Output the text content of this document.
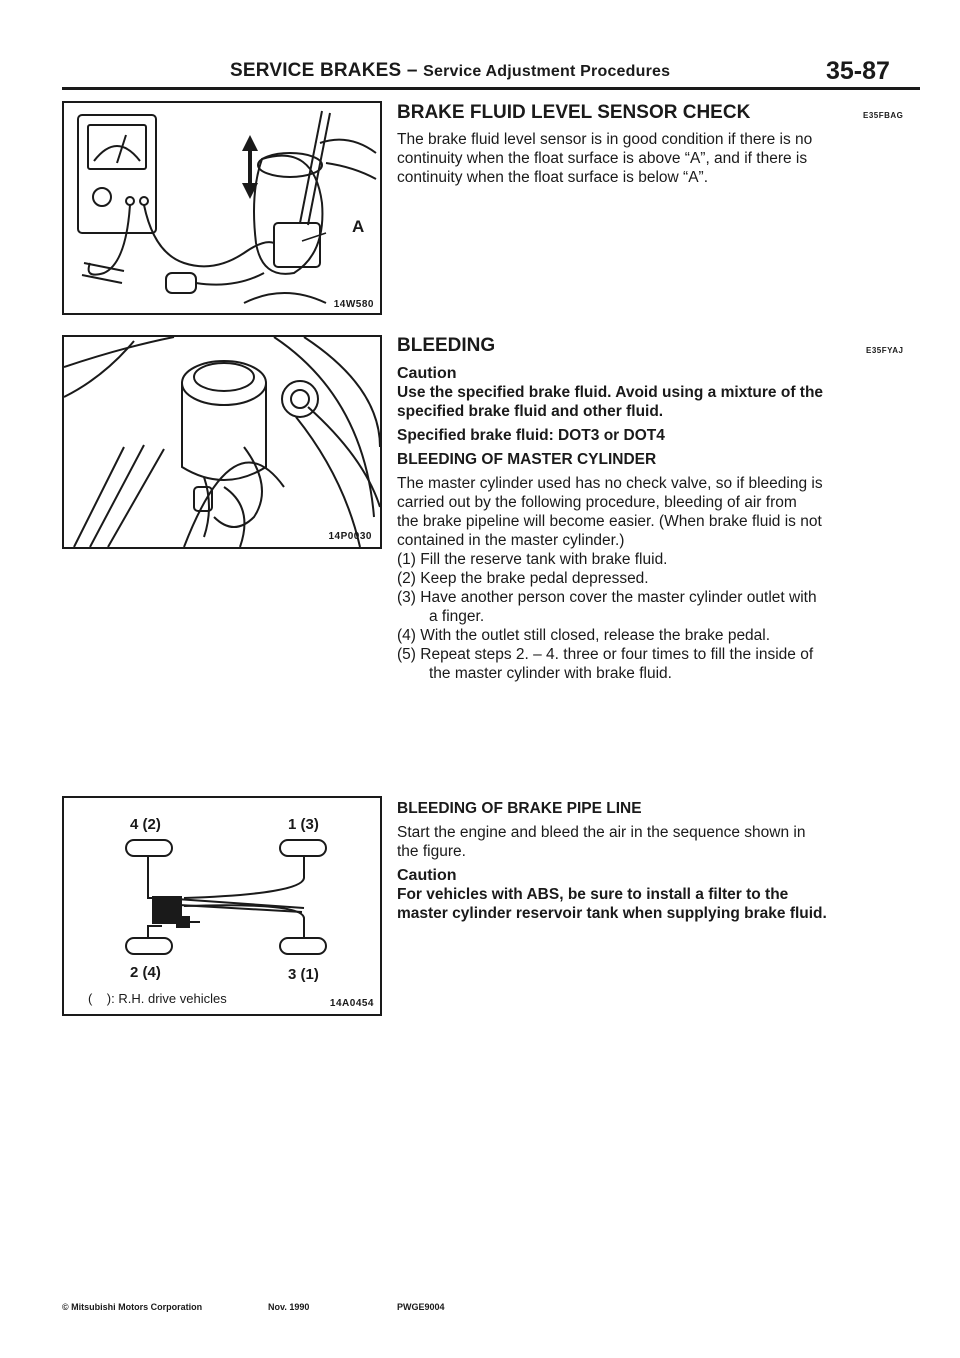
SERVICE BRAKES – Service Adjustment Procedures	35-87
A
14W580
14P0030
4 (2)	1 (3)
2 (4)	3 (1)
( ): R.H. drive vehicles	14A0454
BRAKE FLUID LEVEL SENSOR CHECK	E35FBAG
The brake fluid level sensor is in good condition if there is no
continuity when the float surface is above “A”, and if there is
continuity when the float surface is below “A”.
BLEEDING	E35FYAJ
Caution
Use the specified brake fluid. Avoid using a mixture of the
specified brake fluid and other fluid.
Specified brake fluid: DOT3 or DOT4
BLEEDING OF MASTER CYLINDER
The master cylinder used has no check valve, so if bleeding is
carried out by the following procedure, bleeding of air from
the brake pipeline will become easier. (When brake fluid is not
contained in the master cylinder.)
(1) Fill the reserve tank with brake fluid.
(2) Keep the brake pedal depressed.
(3) Have another person cover the master cylinder outlet with
a finger.
(4) With the outlet still closed, release the brake pedal.
(5) Repeat steps 2. – 4. three or four times to fill the inside of
the master cylinder with brake fluid.
BLEEDING OF BRAKE PIPE LINE
Start the engine and bleed the air in the sequence shown in
the figure.
Caution
For vehicles with ABS, be sure to install a filter to the
master cylinder reservoir tank when supplying brake fluid.
© Mitsubishi Motors Corporation	Nov. 1990	PWGE9004
